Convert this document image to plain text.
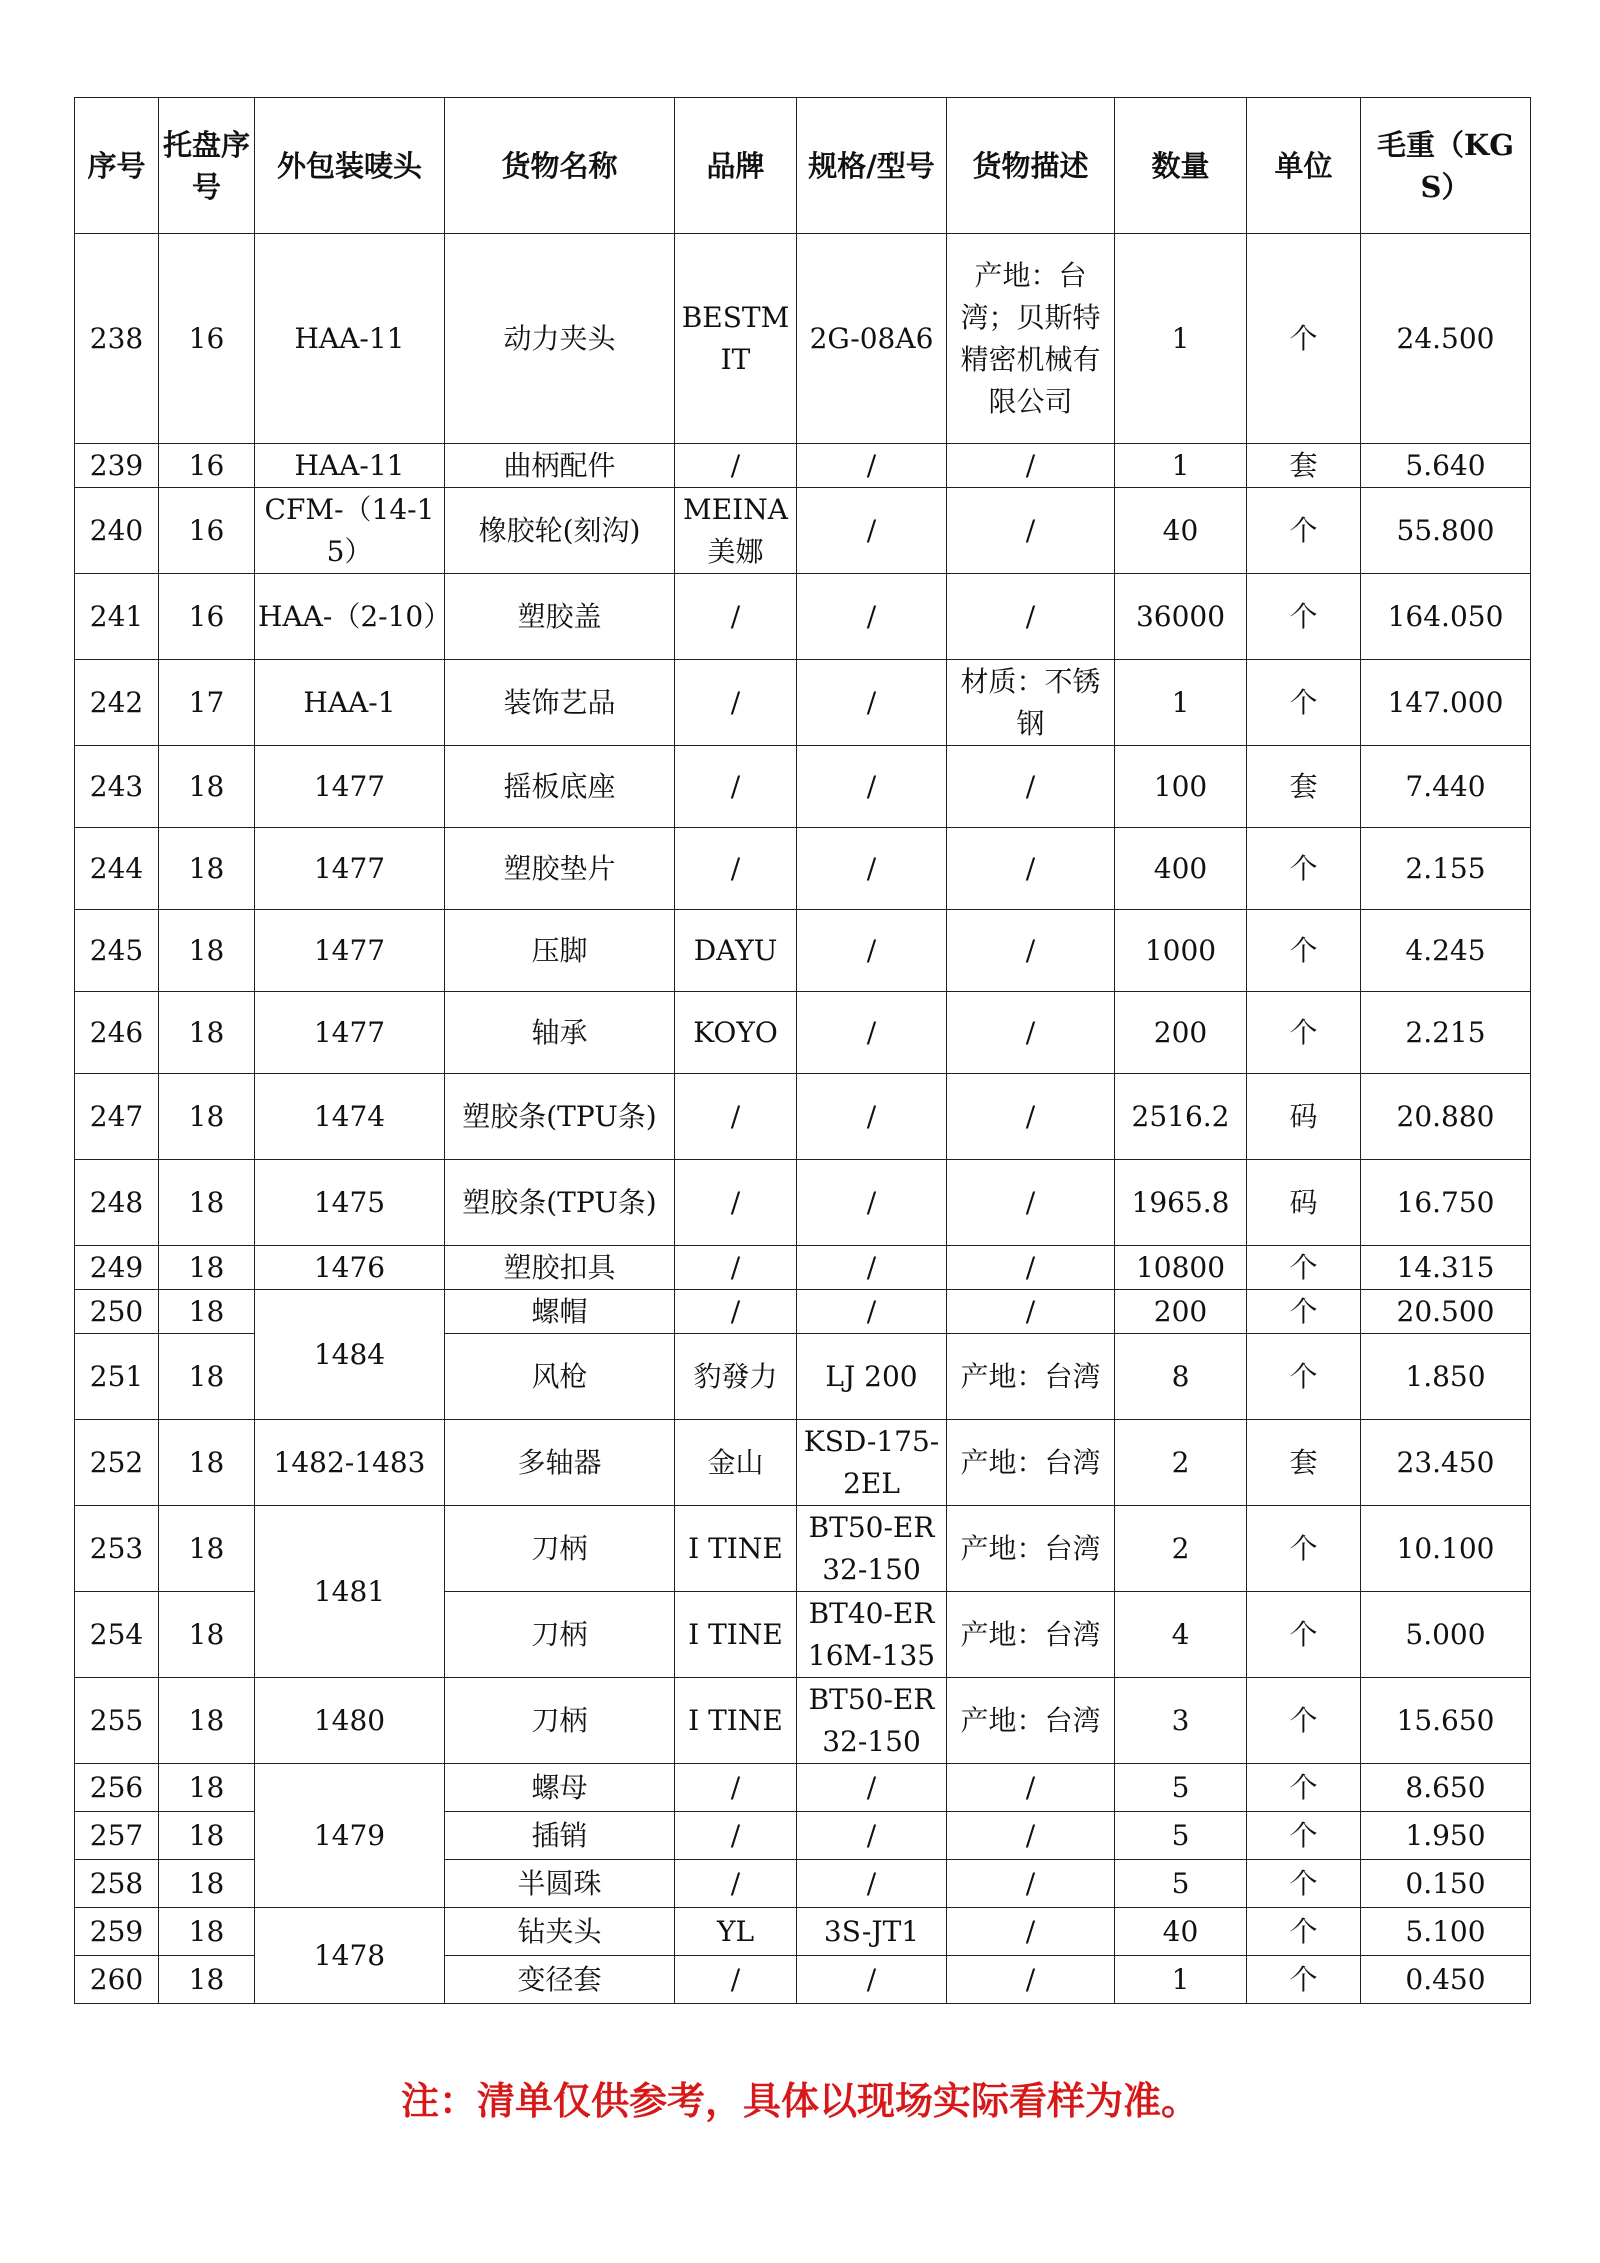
序号	托盘序号	外包装唛头	货物名称	品牌	规格/型号	货物描述	数量	单位	毛重（KGS）
238	16	HAA-11	动力夹头	BESTMIT	2G-08A6	产地：台湾；贝斯特精密机械有限公司	1	个	24.500
239	16	HAA-11	曲柄配件	/	/	/	1	套	5.640
240	16	CFM-（14-15）	橡胶轮(刻沟)	MEINA 美娜	/	/	40	个	55.800
241	16	HAA-（2-10）	塑胶盖	/	/	/	36000	个	164.050
242	17	HAA-1	装饰艺品	/	/	材质：不锈钢	1	个	147.000
243	18	1477	摇板底座	/	/	/	100	套	7.440
244	18	1477	塑胶垫片	/	/	/	400	个	2.155
245	18	1477	压脚	DAYU	/	/	1000	个	4.245
246	18	1477	轴承	KOYO	/	/	200	个	2.215
247	18	1474	塑胶条(TPU条)	/	/	/	2516.2	码	20.880
248	18	1475	塑胶条(TPU条)	/	/	/	1965.8	码	16.750
249	18	1476	塑胶扣具	/	/	/	10800	个	14.315
250	18	1484	螺帽	/	/	/	200	个	20.500
251	18		风枪	豹發力	LJ 200	产地：台湾	8	个	1.850
252	18	1482-1483	多轴器	金山	KSD-175-2EL	产地：台湾	2	套	23.450
253	18	1481	刀柄	I TINE	BT50-ER32-150	产地：台湾	2	个	10.100
254	18		刀柄	I TINE	BT40-ER16M-135	产地：台湾	4	个	5.000
255	18	1480	刀柄	I TINE	BT50-ER32-150	产地：台湾	3	个	15.650
256	18	1479	螺母	/	/	/	5	个	8.650
257	18		插销	/	/	/	5	个	1.950
258	18		半圆珠	/	/	/	5	个	0.150
259	18	1478	钻夹头	YL	3S-JT1	/	40	个	5.100
260	18		变径套	/	/	/	1	个	0.450
注：清单仅供参考，具体以现场实际看样为准。
